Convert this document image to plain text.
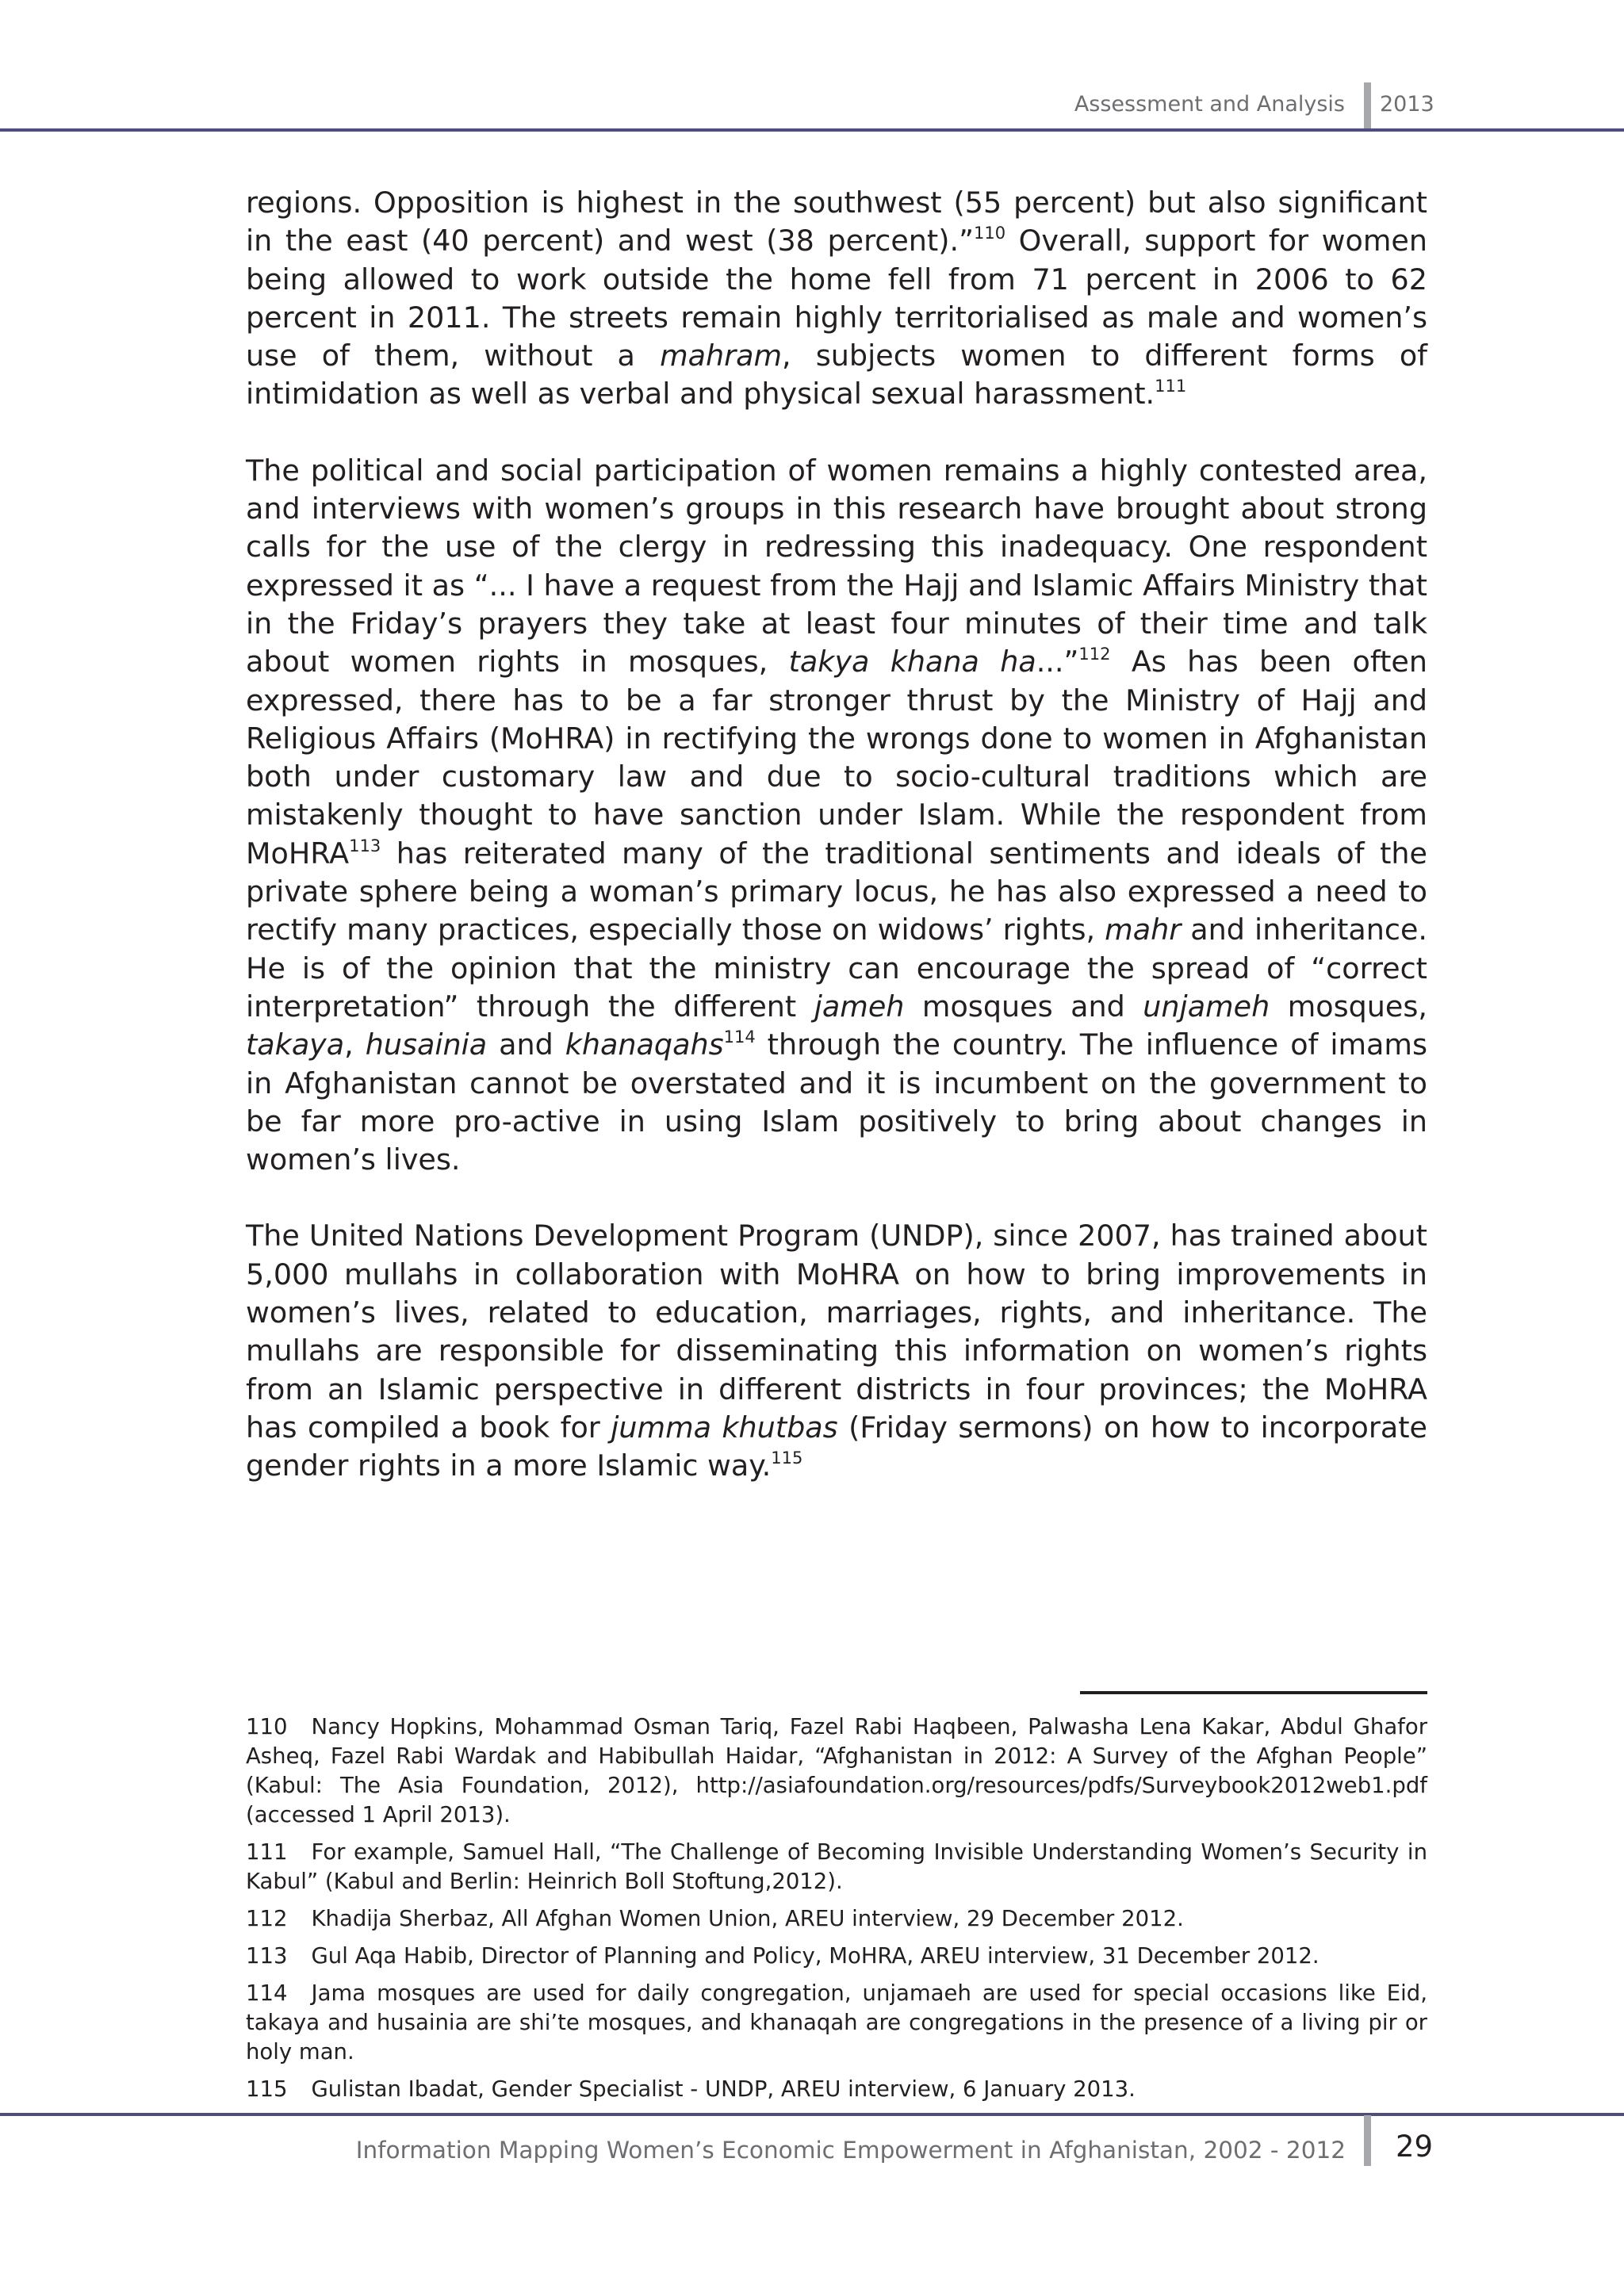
Assessment and Analysis 2013

regions. Opposition is highest in the southwest (55 percent) but also significant in the east (40 percent) and west (38 percent).”$^{110}$ Overall, support for women being allowed to work outside the home fell from 71 percent in 2006 to 62 percent in 2011. The streets remain highly territorialised as male and women’s use of them, without a mahram, subjects women to different forms of intimidation as well as verbal and physical sexual harassment.$^{111}$

The political and social participation of women remains a highly contested area, and interviews with women’s groups in this research have brought about strong calls for the use of the clergy in redressing this inadequacy. One respondent expressed it as “... I have a request from the Hajj and Islamic Affairs Ministry that in the Friday’s prayers they take at least four minutes of their time and talk about women rights in mosques, takya khana ha...”$^{112}$ As has been often expressed, there has to be a far stronger thrust by the Ministry of Hajj and Religious Affairs (MoHRA) in rectifying the wrongs done to women in Afghanistan both under customary law and due to socio-cultural traditions which are mistakenly thought to have sanction under Islam. While the respondent from MoHRA$^{113}$ has reiterated many of the traditional sentiments and ideals of the private sphere being a woman’s primary locus, he has also expressed a need to rectify many practices, especially those on widows’ rights, mahr and inheritance. He is of the opinion that the ministry can encourage the spread of “correct interpretation” through the different jameh mosques and unjameh mosques, takaya, husainia and khanaqahs$^{114}$ through the country. The influence of imams in Afghanistan cannot be overstated and it is incumbent on the government to be far more pro-active in using Islam positively to bring about changes in women’s lives.

The United Nations Development Program (UNDP), since 2007, has trained about 5,000 mullahs in collaboration with MoHRA on how to bring improvements in women’s lives, related to education, marriages, rights, and inheritance. The mullahs are responsible for disseminating this information on women’s rights from an Islamic perspective in different districts in four provinces; the MoHRA has compiled a book for jumma khutbas (Friday sermons) on how to incorporate gender rights in a more Islamic way.$^{115}$

110 Nancy Hopkins, Mohammad Osman Tariq, Fazel Rabi Haqbeen, Palwasha Lena Kakar, Abdul Ghafor Asheq, Fazel Rabi Wardak and Habibullah Haidar, “Afghanistan in 2012: A Survey of the Afghan People” (Kabul: The Asia Foundation, 2012), http://asiafoundation.org/resources/pdfs/Surveybook2012web1.pdf (accessed 1 April 2013).

111 For example, Samuel Hall, “The Challenge of Becoming Invisible Understanding Women’s Security in Kabul” (Kabul and Berlin: Heinrich Boll Stoftung,2012).

112 Khadija Sherbaz, All Afghan Women Union, AREU interview, 29 December 2012.

113 Gul Aqa Habib, Director of Planning and Policy, MoHRA, AREU interview, 31 December 2012.

114 Jama mosques are used for daily congregation, unjamaeh are used for special occasions like Eid, takaya and husainia are shi’te mosques, and khanaqah are congregations in the presence of a living pir or holy man.

115 Gulistan Ibadat, Gender Specialist - UNDP, AREU interview, 6 January 2013.

Information Mapping Women’s Economic Empowerment in Afghanistan, 2002 - 2012 29
